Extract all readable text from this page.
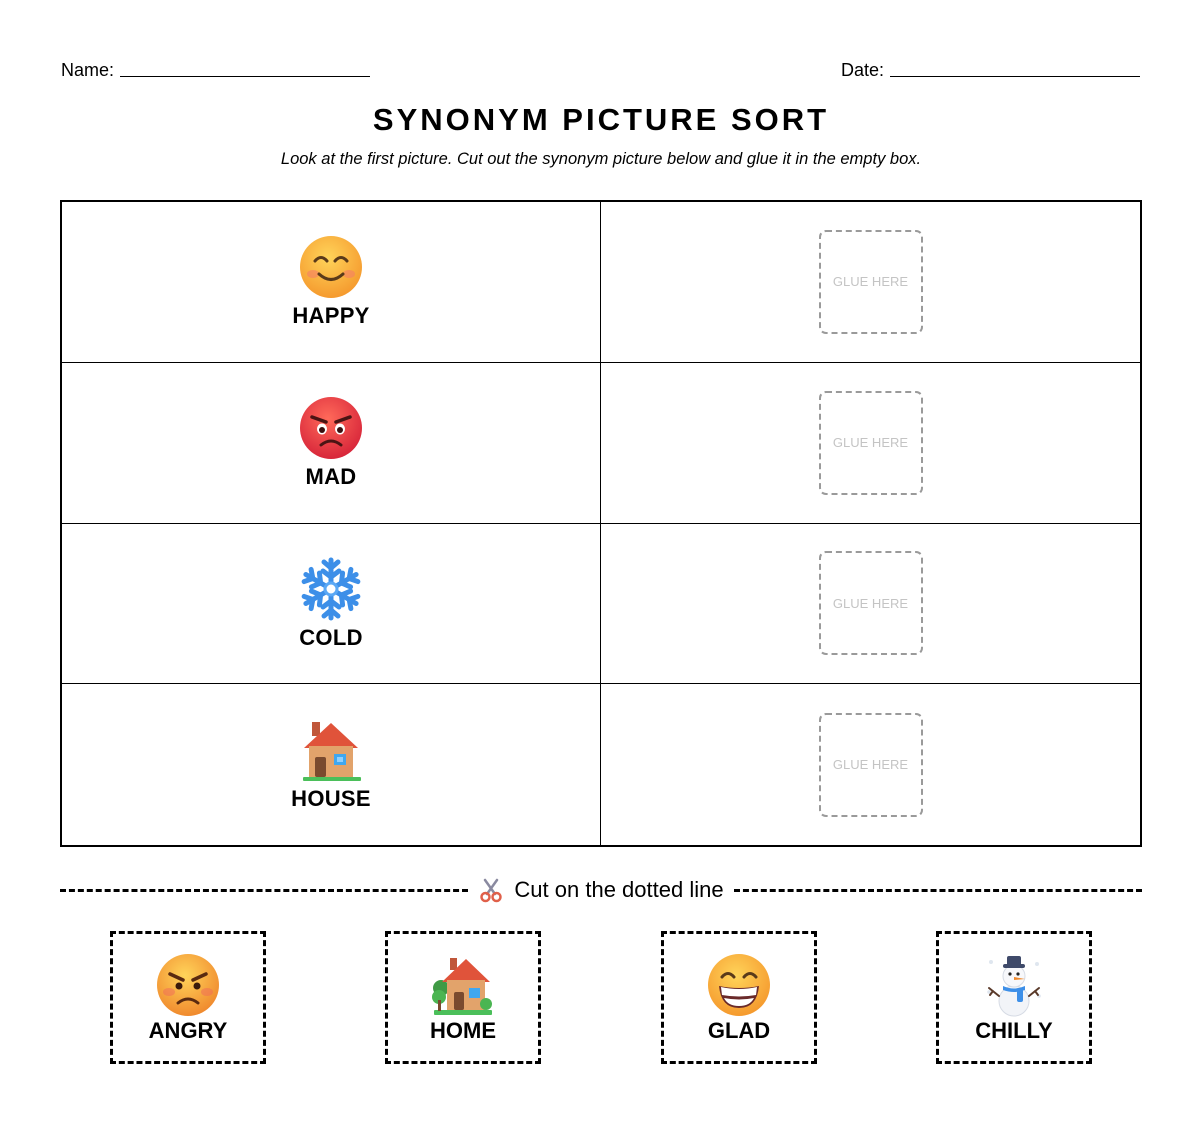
Name:	Date:
SYNONYM PICTURE SORT
Look at the first picture. Cut out the synonym picture below and glue it in the empty box.
HAPPY
GLUE HERE
MAD
GLUE HERE
COLD
GLUE HERE
HOUSE
GLUE HERE
Cut on the dotted line
ANGRY	HOME	GLAD	CHILLY
